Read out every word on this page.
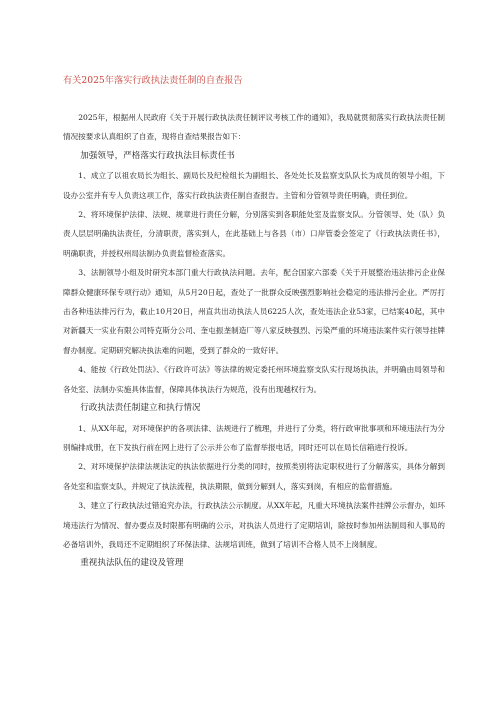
有关2025年落实行政执法责任制的自查报告

2025年，根据州人民政府《关于开展行政执法责任制评议考核工作的通知》，我局就贯彻落实行政执法责任制情况按要求认真组织了自查，现将自查结果报告如下：

加强领导，严格落实行政执法目标责任书

1、成立了以祖农局长为组长、副局长及纪检组长为副组长、各处处长及监察支队队长为成员的领导小组，下设办公室并有专人负责这项工作，落实行政执法责任制自查报告。主管和分管领导责任明确，责任到位。

2、将环境保护法律、法规、规章进行责任分解，分别落实到各职能处室及监察支队。分管领导、处（队）负责人层层明确执法责任，分清职责，落实到人，在此基础上与各县（市）口岸管委会签定了《行政执法责任书》，明确职责，并授权州局法制办负责监督检查落实。

3、法制领导小组及时研究本部门重大行政执法问题。去年，配合国家六部委《关于开展整治违法排污企业保障群众健康环保专项行动》通知，从5月20日起，查处了一批群众反映强烈影响社会稳定的违法排污企业。严厉打击各种违法排污行为，截止10月20日，州直共出动执法人员6225人次，查处违法企业53家，已结案40起，其中对新疆天一实业有限公司特克斯分公司、奎屯振垄制造厂等八家反映强烈、污染严重的环境违法案件实行领导挂牌督办制度。定期研究解决执法难的问题，受到了群众的一致好评。

4、能按《行政处罚法》、《行政许可法》等法律的规定委托州环境监察支队实行现场执法，并明确由局领导和各处室、法制办实施具体监督，保障具体执法行为规范，没有出现越权行为。

行政执法责任制建立和执行情况

1、从XX年起，对环境保护的各项法律、法规进行了梳理，并进行了分类，将行政审批事项和环境违法行为分别编排成册，在下发执行前在网上进行了公示并公布了监督举报电话，同时还可以在局长信箱进行投诉。

2、对环境保护法律法规法定的执法依据进行分类的同时，按照类别将法定职权进行了分解落实，具体分解到各处室和监察支队，并规定了执法流程，执法期限，做到分解到人，落实到岗，有相应的监督措施。

3、建立了行政执法过错追究办法，行政执法公示制度。从XX年起，凡重大环境执法案件挂牌公示督办，如环境违法行为情况、督办要点及时限都有明确的公示，对执法人员进行了定期培训，除按时参加州法制局和人事局的必备培训外，我局还不定期组织了环保法律、法规培训班，做到了培训不合格人员不上岗制度。

重视执法队伍的建设及管理
